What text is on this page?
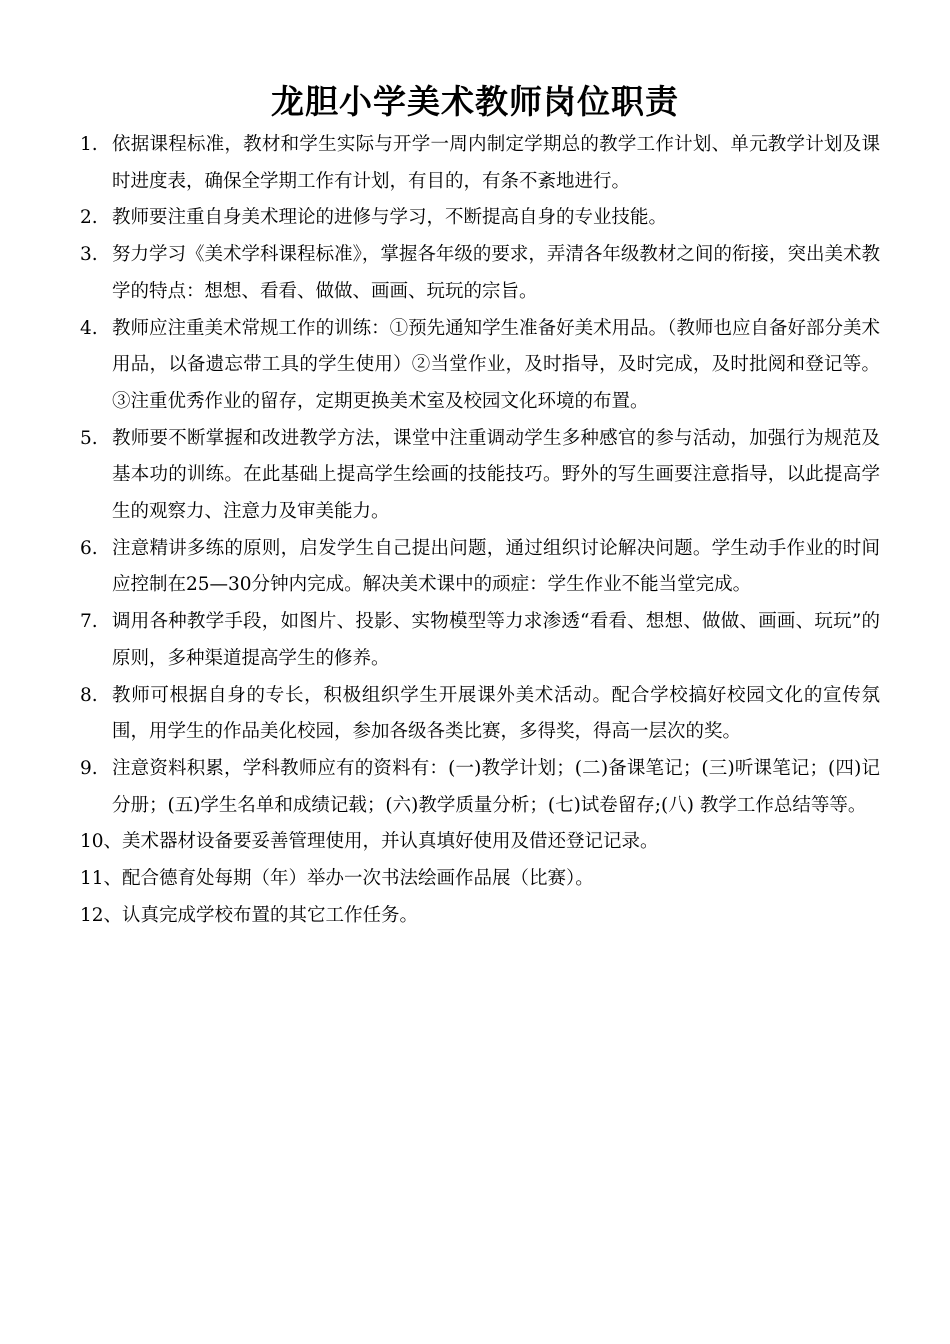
龙胆小学美术教师岗位职责
1. 依据课程标准，教材和学生实际与开学一周内制定学期总的教学工作计划、单元教学计划及课时进度表，确保全学期工作有计划，有目的，有条不紊地进行。
2. 教师要注重自身美术理论的进修与学习，不断提高自身的专业技能。
3. 努力学习《美术学科课程标准》，掌握各年级的要求，弄清各年级教材之间的衔接，突出美术教学的特点：想想、看看、做做、画画、玩玩的宗旨。
4. 教师应注重美术常规工作的训练：①预先通知学生准备好美术用品。（教师也应自备好部分美术用品，以备遗忘带工具的学生使用）②当堂作业，及时指导，及时完成，及时批阅和登记等。③注重优秀作业的留存，定期更换美术室及校园文化环境的布置。
5. 教师要不断掌握和改进教学方法，课堂中注重调动学生多种感官的参与活动，加强行为规范及基本功的训练。在此基础上提高学生绘画的技能技巧。野外的写生画要注意指导，以此提高学生的观察力、注意力及审美能力。
6. 注意精讲多练的原则，启发学生自己提出问题，通过组织讨论解决问题。学生动手作业的时间应控制在25—30分钟内完成。解决美术课中的顽症：学生作业不能当堂完成。
7. 调用各种教学手段，如图片、投影、实物模型等力求渗透“看看、想想、做做、画画、玩玩”的原则，多种渠道提高学生的修养。
8. 教师可根据自身的专长，积极组织学生开展课外美术活动。配合学校搞好校园文化的宣传氛围，用学生的作品美化校园，参加各级各类比赛，多得奖，得高一层次的奖。
9. 注意资料积累，学科教师应有的资料有：(一)教学计划；(二)备课笔记；(三)听课笔记；(四)记分册；(五)学生名单和成绩记载；(六)教学质量分析；(七)试卷留存;(八) 教学工作总结等等。
10、美术器材设备要妥善管理使用，并认真填好使用及借还登记记录。
11、配合德育处每期（年）举办一次书法绘画作品展（比赛）。
12、认真完成学校布置的其它工作任务。
